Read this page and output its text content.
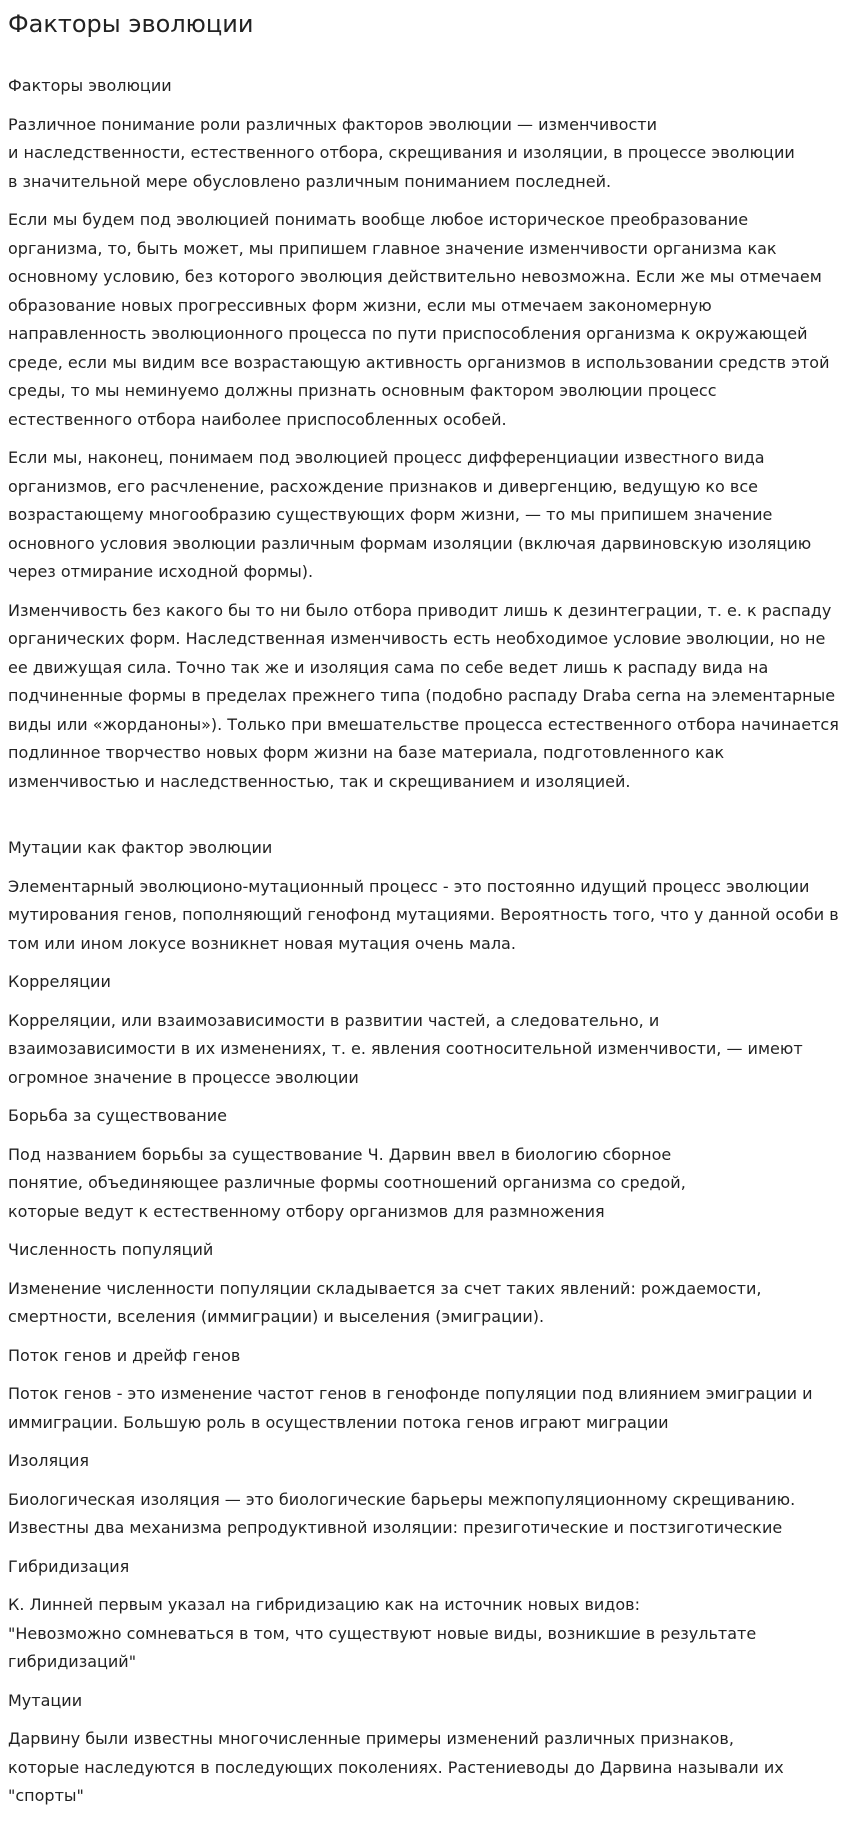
Факторы эволюции
Факторы эволюции

Различное понимание роли различных факторов эволюции — изменчивости
и наследственности, естественного отбора, скрещивания и изоляции, в процессе эволюции
в значительной мере обусловлено различным пониманием последней.

Если мы будем под эволюцией понимать вообще любое историческое преобразование
организма, то, быть может, мы припишем главное значение изменчивости организма как
основному условию, без которого эволюция действительно невозможна. Если же мы отмечаем
образование новых прогрессивных форм жизни, если мы отмечаем закономерную
направленность эволюционного процесса по пути приспособления организма к окружающей
среде, если мы видим все возрастающую активность организмов в использовании средств этой
среды, то мы неминуемо должны признать основным фактором эволюции процесс
естественного отбора наиболее приспособленных особей.

Если мы, наконец, понимаем под эволюцией процесс дифференциации известного вида
организмов, его расчленение, расхождение признаков и дивергенцию, ведущую ко все
возрастающему многообразию существующих форм жизни, — то мы припишем значение
основного условия эволюции различным формам изоляции (включая дарвиновскую изоляцию
через отмирание исходной формы).

Изменчивость без какого бы то ни было отбора приводит лишь к дезинтеграции, т. е. к распаду
органических форм. Наследственная изменчивость есть необходимое условие эволюции, но не
ее движущая сила. Точно так же и изоляция сама по себе ведет лишь к распаду вида на
подчиненные формы в пределах прежнего типа (подобно распаду Draba cerna на элементарные
виды или «жорданоны»). Только при вмешательстве процесса естественного отбора начинается
подлинное творчество новых форм жизни на базе материала, подготовленного как
изменчивостью и наследственностью, так и скрещиванием и изоляцией.

Мутации как фактор эволюции

Элементарный эволюционо-мутационный процесс - это постоянно идущий процесс эволюции
мутирования генов, пополняющий генофонд мутациями. Вероятность того, что у данной особи в
том или ином локусе возникнет новая мутация очень мала.

Корреляции

Корреляции, или взаимозависимости в развитии частей, а следовательно, и
взаимозависимости в их изменениях, т. е. явления соотносительной изменчивости, — имеют
огромное значение в процессе эволюции

Борьба за существование

Под названием борьбы за существование Ч. Дарвин ввел в биологию сборное
понятие, объединяющее различные формы соотношений организма со средой,
которые ведут к естественному отбору организмов для размножения

Численность популяций

Изменение численности популяции складывается за счет таких явлений: рождаемости,
смертности, вселения (иммиграции) и выселения (эмиграции).

Поток генов и дрейф генов

Поток генов - это изменение частот генов в генофонде популяции под влиянием эмиграции и
иммиграции. Большую роль в осуществлении потока генов играют миграции

Изоляция

Биологическая изоляция — это биологические барьеры межпопуляционному скрещиванию.
Известны два механизма репродуктивной изоляции: презиготические и постзиготические

Гибридизация

К. Линней первым указал на гибридизацию как на источник новых видов:
"Невозможно сомневаться в том, что существуют новые виды, возникшие в результате
гибридизаций"

Мутации

Дарвину были известны многочисленные примеры изменений различных признаков,
которые наследуются в последующих поколениях. Растениеводы до Дарвина называли их
"спорты"
